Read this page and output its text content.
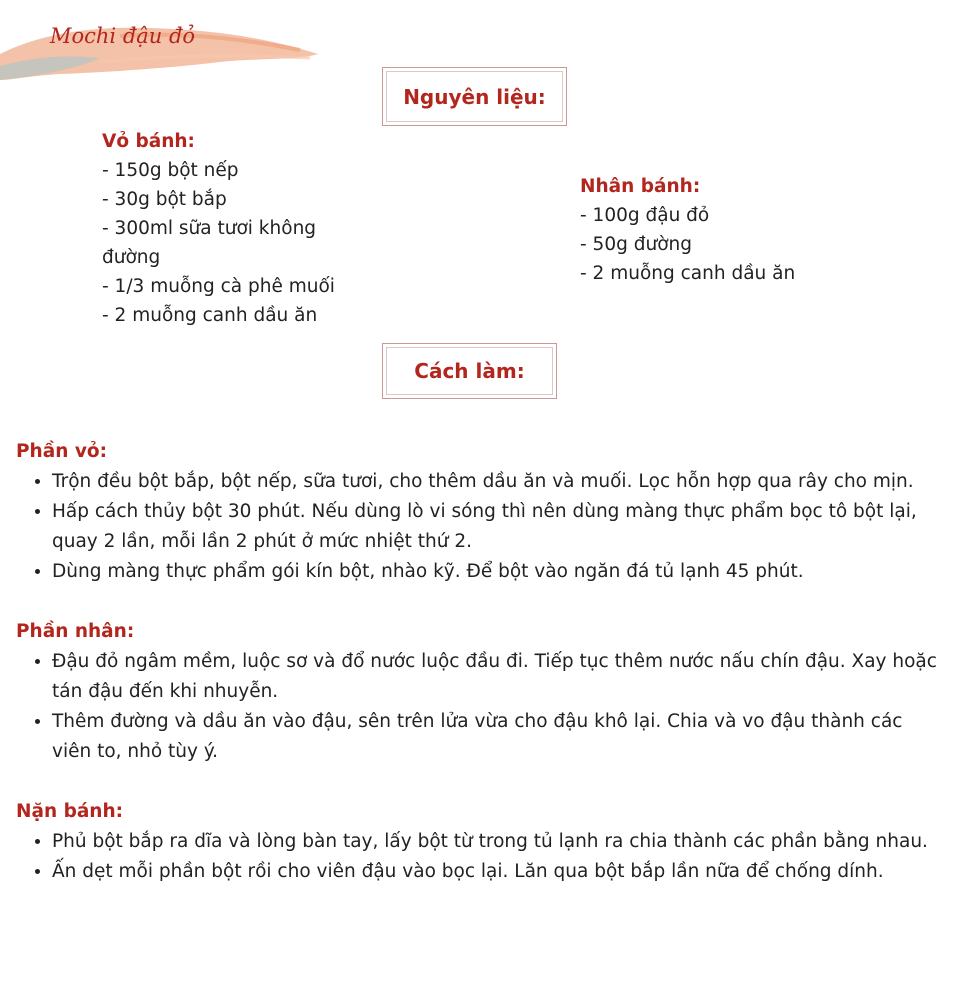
Mochi đậu đỏ
Nguyên liệu:
Vỏ bánh:
- 150g bột nếp
- 30g bột bắp
- 300ml sữa tươi không đường
- 1/3 muỗng cà phê muối
- 2 muỗng canh dầu ăn
Nhân bánh:
- 100g đậu đỏ
- 50g đường
- 2 muỗng canh dầu ăn
Cách làm:
Phần vỏ:
• Trộn đều bột bắp, bột nếp, sữa tươi, cho thêm dầu ăn và muối. Lọc hỗn hợp qua rây cho mịn.
• Hấp cách thủy bột 30 phút. Nếu dùng lò vi sóng thì nên dùng màng thực phẩm bọc tô bột lại, quay 2 lần, mỗi lần 2 phút ở mức nhiệt thứ 2.
• Dùng màng thực phẩm gói kín bột, nhào kỹ. Để bột vào ngăn đá tủ lạnh 45 phút.
Phần nhân:
• Đậu đỏ ngâm mềm, luộc sơ và đổ nước luộc đầu đi. Tiếp tục thêm nước nấu chín đậu. Xay hoặc tán đậu đến khi nhuyễn.
• Thêm đường và dầu ăn vào đậu, sên trên lửa vừa cho đậu khô lại. Chia và vo đậu thành các viên to, nhỏ tùy ý.
Nặn bánh:
• Phủ bột bắp ra dĩa và lòng bàn tay, lấy bột từ trong tủ lạnh ra chia thành các phần bằng nhau.
• Ấn dẹt mỗi phần bột rồi cho viên đậu vào bọc lại. Lăn qua bột bắp lần nữa để chống dính.
